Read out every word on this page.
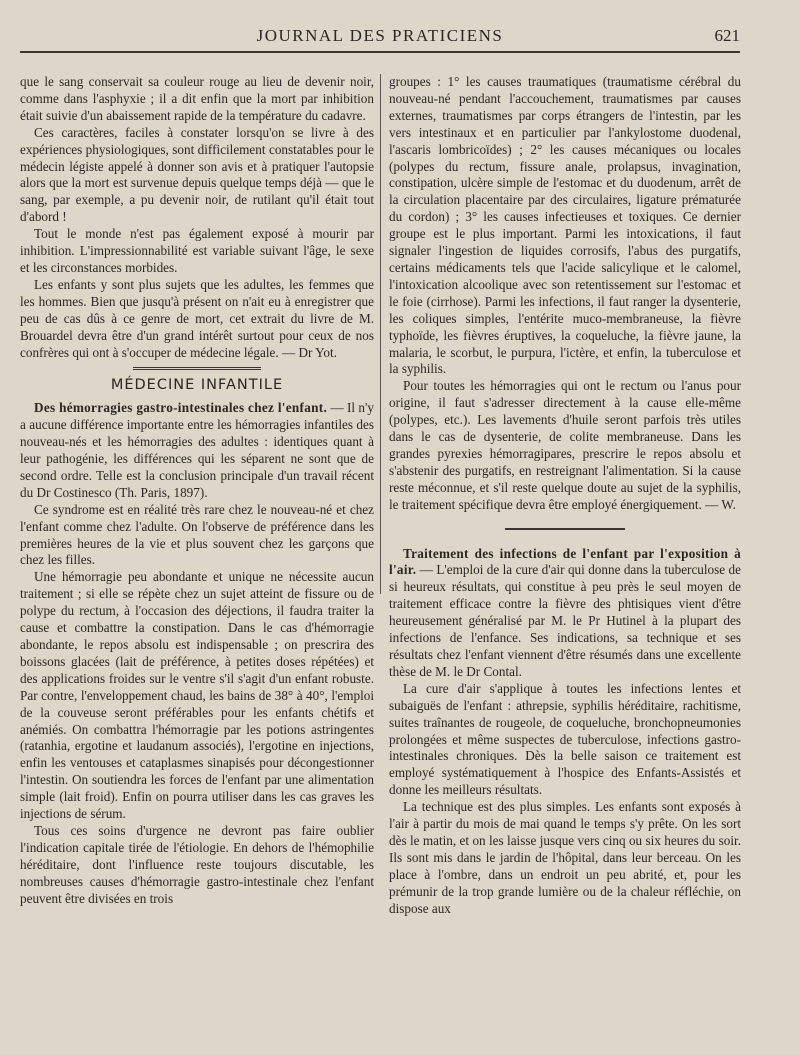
JOURNAL DES PRATICIENS	621

que le sang conservait sa couleur rouge au lieu de devenir noir, comme dans l'asphyxie ; il a dit enfin que la mort par inhibition était suivie d'un abaissement rapide de la température du cadavre.

Ces caractères, faciles à constater lorsqu'on se livre à des expériences physiologiques, sont difficilement constatables pour le médecin légiste appelé à donner son avis et à pratiquer l'autopsie alors que la mort est survenue depuis quelque temps déjà — que le sang, par exemple, a pu devenir noir, de rutilant qu'il était tout d'abord !

Tout le monde n'est pas également exposé à mourir par inhibition. L'impressionnabilité est variable suivant l'âge, le sexe et les circonstances morbides.

Les enfants y sont plus sujets que les adultes, les femmes que les hommes. Bien que jusqu'à présent on n'ait eu à enregistrer que peu de cas dûs à ce genre de mort, cet extrait du livre de M. Brouardel devra être d'un grand intérêt surtout pour ceux de nos confrères qui ont à s'occuper de médecine légale. — Dr Yot.

MÉDECINE INFANTILE

Des hémorragies gastro-intestinales chez l'enfant. — Il n'y a aucune différence importante entre les hémorragies infantiles des nouveau-nés et les hémorragies des adultes : identiques quant à leur pathogénie, les différences qui les séparent ne sont que de second ordre. Telle est la conclusion principale d'un travail récent du Dr Costinesco (Th. Paris, 1897).

Ce syndrome est en réalité très rare chez le nouveau-né et chez l'enfant comme chez l'adulte. On l'observe de préférence dans les premières heures de la vie et plus souvent chez les garçons que chez les filles.

Une hémorragie peu abondante et unique ne nécessite aucun traitement ; si elle se répète chez un sujet atteint de fissure ou de polype du rectum, à l'occasion des déjections, il faudra traiter la cause et combattre la constipation. Dans le cas d'hémorragie abondante, le repos absolu est indispensable ; on prescrira des boissons glacées (lait de préférence, à petites doses répétées) et des applications froides sur le ventre s'il s'agit d'un enfant robuste. Par contre, l'enveloppement chaud, les bains de 38° à 40°, l'emploi de la couveuse seront préférables pour les enfants chétifs et anémiés. On combattra l'hémorragie par les potions astringentes (ratanhia, ergotine et laudanum associés), l'ergotine en injections, enfin les ventouses et cataplasmes sinapisés pour décongestionner l'intestin. On soutiendra les forces de l'enfant par une alimentation simple (lait froid). Enfin on pourra utiliser dans les cas graves les injections de sérum.

Tous ces soins d'urgence ne devront pas faire oublier l'indication capitale tirée de l'étiologie. En dehors de l'hémophilie héréditaire, dont l'influence reste toujours discutable, les nombreuses causes d'hémorragie gastro-intestinale chez l'enfant peuvent être divisées en trois

groupes : 1° les causes traumatiques (traumatisme cérébral du nouveau-né pendant l'accouchement, traumatismes par causes externes, traumatismes par corps étrangers de l'intestin, par les vers intestinaux et en particulier par l'ankylostome duodenal, l'ascaris lombricoïdes) ; 2° les causes mécaniques ou locales (polypes du rectum, fissure anale, prolapsus, invagination, constipation, ulcère simple de l'estomac et du duodenum, arrêt de la circulation placentaire par des circulaires, ligature prématurée du cordon) ; 3° les causes infectieuses et toxiques. Ce dernier groupe est le plus important. Parmi les intoxications, il faut signaler l'ingestion de liquides corrosifs, l'abus des purgatifs, certains médicaments tels que l'acide salicylique et le calomel, l'intoxication alcoolique avec son retentissement sur l'estomac et le foie (cirrhose). Parmi les infections, il faut ranger la dysenterie, les coliques simples, l'entérite muco-membraneuse, la fièvre typhoïde, les fièvres éruptives, la coqueluche, la fièvre jaune, la malaria, le scorbut, le purpura, l'ictère, et enfin, la tuberculose et la syphilis.

Pour toutes les hémorragies qui ont le rectum ou l'anus pour origine, il faut s'adresser directement à la cause elle-même (polypes, etc.). Les lavements d'huile seront parfois très utiles dans le cas de dysenterie, de colite membraneuse. Dans les grandes pyrexies hémorragipares, prescrire le repos absolu et s'abstenir des purgatifs, en restreignant l'alimentation. Si la cause reste méconnue, et s'il reste quelque doute au sujet de la syphilis, le traitement spécifique devra être employé énergiquement. — W.

Traitement des infections de l'enfant par l'exposition à l'air. — L'emploi de la cure d'air qui donne dans la tuberculose de si heureux résultats, qui constitue à peu près le seul moyen de traitement efficace contre la fièvre des phtisiques vient d'être heureusement généralisé par M. le Pr Hutinel à la plupart des infections de l'enfance. Ses indications, sa technique et ses résultats chez l'enfant viennent d'être résumés dans une excellente thèse de M. le Dr Contal.

La cure d'air s'applique à toutes les infections lentes et subaiguës de l'enfant : athrepsie, syphilis héréditaire, rachitisme, suites traînantes de rougeole, de coqueluche, bronchopneumonies prolongées et même suspectes de tuberculose, infections gastro-intestinales chroniques. Dès la belle saison ce traitement est employé systématiquement à l'hospice des Enfants-Assistés et donne les meilleurs résultats.

La technique est des plus simples. Les enfants sont exposés à l'air à partir du mois de mai quand le temps s'y prête. On les sort dès le matin, et on les laisse jusque vers cinq ou six heures du soir. Ils sont mis dans le jardin de l'hôpital, dans leur berceau. On les place à l'ombre, dans un endroit un peu abrité, et, pour les prémunir de la trop grande lumière ou de la chaleur réfléchie, on dispose aux
